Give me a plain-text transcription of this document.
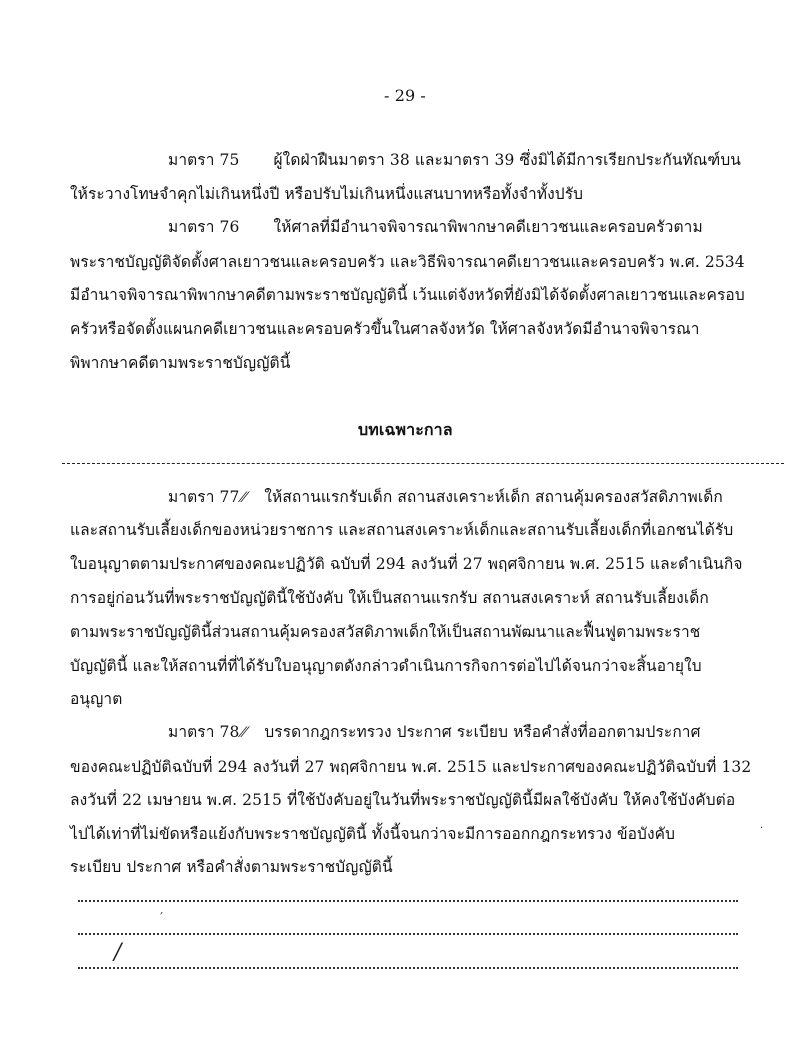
- 29 -
มาตรา 75 ผู้ใดฝ่าฝืนมาตรา 38 และมาตรา 39 ซึ่งมิได้มีการเรียกประกันทัณฑ์บน
ให้ระวางโทษจำคุกไม่เกินหนึ่งปี หรือปรับไม่เกินหนึ่งแสนบาทหรือทั้งจำทั้งปรับ
มาตรา 76 ให้ศาลที่มีอำนาจพิจารณาพิพากษาคดีเยาวชนและครอบครัวตาม
พระราชบัญญัติจัดตั้งศาลเยาวชนและครอบครัว และวิธีพิจารณาคดีเยาวชนและครอบครัว พ.ศ. 2534
มีอำนาจพิจารณาพิพากษาคดีตามพระราชบัญญัตินี้ เว้นแต่จังหวัดที่ยังมิได้จัดตั้งศาลเยาวชนและครอบ
ครัวหรือจัดตั้งแผนกคดีเยาวชนและครอบครัวขึ้นในศาลจังหวัด ให้ศาลจังหวัดมีอำนาจพิจารณา
พิพากษาคดีตามพระราชบัญญัตินี้
บทเฉพาะกาล
มาตรา 77 ⁄⁄ ให้สถานแรกรับเด็ก สถานสงเคราะห์เด็ก สถานคุ้มครองสวัสดิภาพเด็ก
และสถานรับเลี้ยงเด็กของหน่วยราชการ และสถานสงเคราะห์เด็กและสถานรับเลี้ยงเด็กที่เอกชนได้รับ
ใบอนุญาตตามประกาศของคณะปฏิวัติ ฉบับที่ 294 ลงวันที่ 27 พฤศจิกายน พ.ศ. 2515 และดำเนินกิจ
การอยู่ก่อนวันที่พระราชบัญญัตินี้ใช้บังคับ ให้เป็นสถานแรกรับ สถานสงเคราะห์ สถานรับเลี้ยงเด็ก
ตามพระราชบัญญัตินี้ส่วนสถานคุ้มครองสวัสดิภาพเด็กให้เป็นสถานพัฒนาและฟื้นฟูตามพระราช
บัญญัตินี้ และให้สถานที่ที่ได้รับใบอนุญาตดังกล่าวดำเนินการกิจการต่อไปได้จนกว่าจะสิ้นอายุใบ
อนุญาต
มาตรา 78 ⁄⁄ บรรดากฎกระทรวง ประกาศ ระเบียบ หรือคำสั่งที่ออกตามประกาศ
ของคณะปฏิบัติฉบับที่ 294 ลงวันที่ 27 พฤศจิกายน พ.ศ. 2515 และประกาศของคณะปฏิวัติฉบับที่ 132
ลงวันที่ 22 เมษายน พ.ศ. 2515 ที่ใช้บังคับอยู่ในวันที่พระราชบัญญัตินี้มีผลใช้บังคับ ให้คงใช้บังคับต่อ
ไปได้เท่าที่ไม่ขัดหรือแย้งกับพระราชบัญญัตินี้ ทั้งนี้จนกว่าจะมีการออกกฎกระทรวง ข้อบังคับ
ระเบียบ ประกาศ หรือคำสั่งตามพระราชบัญญัตินี้
/
,
·
